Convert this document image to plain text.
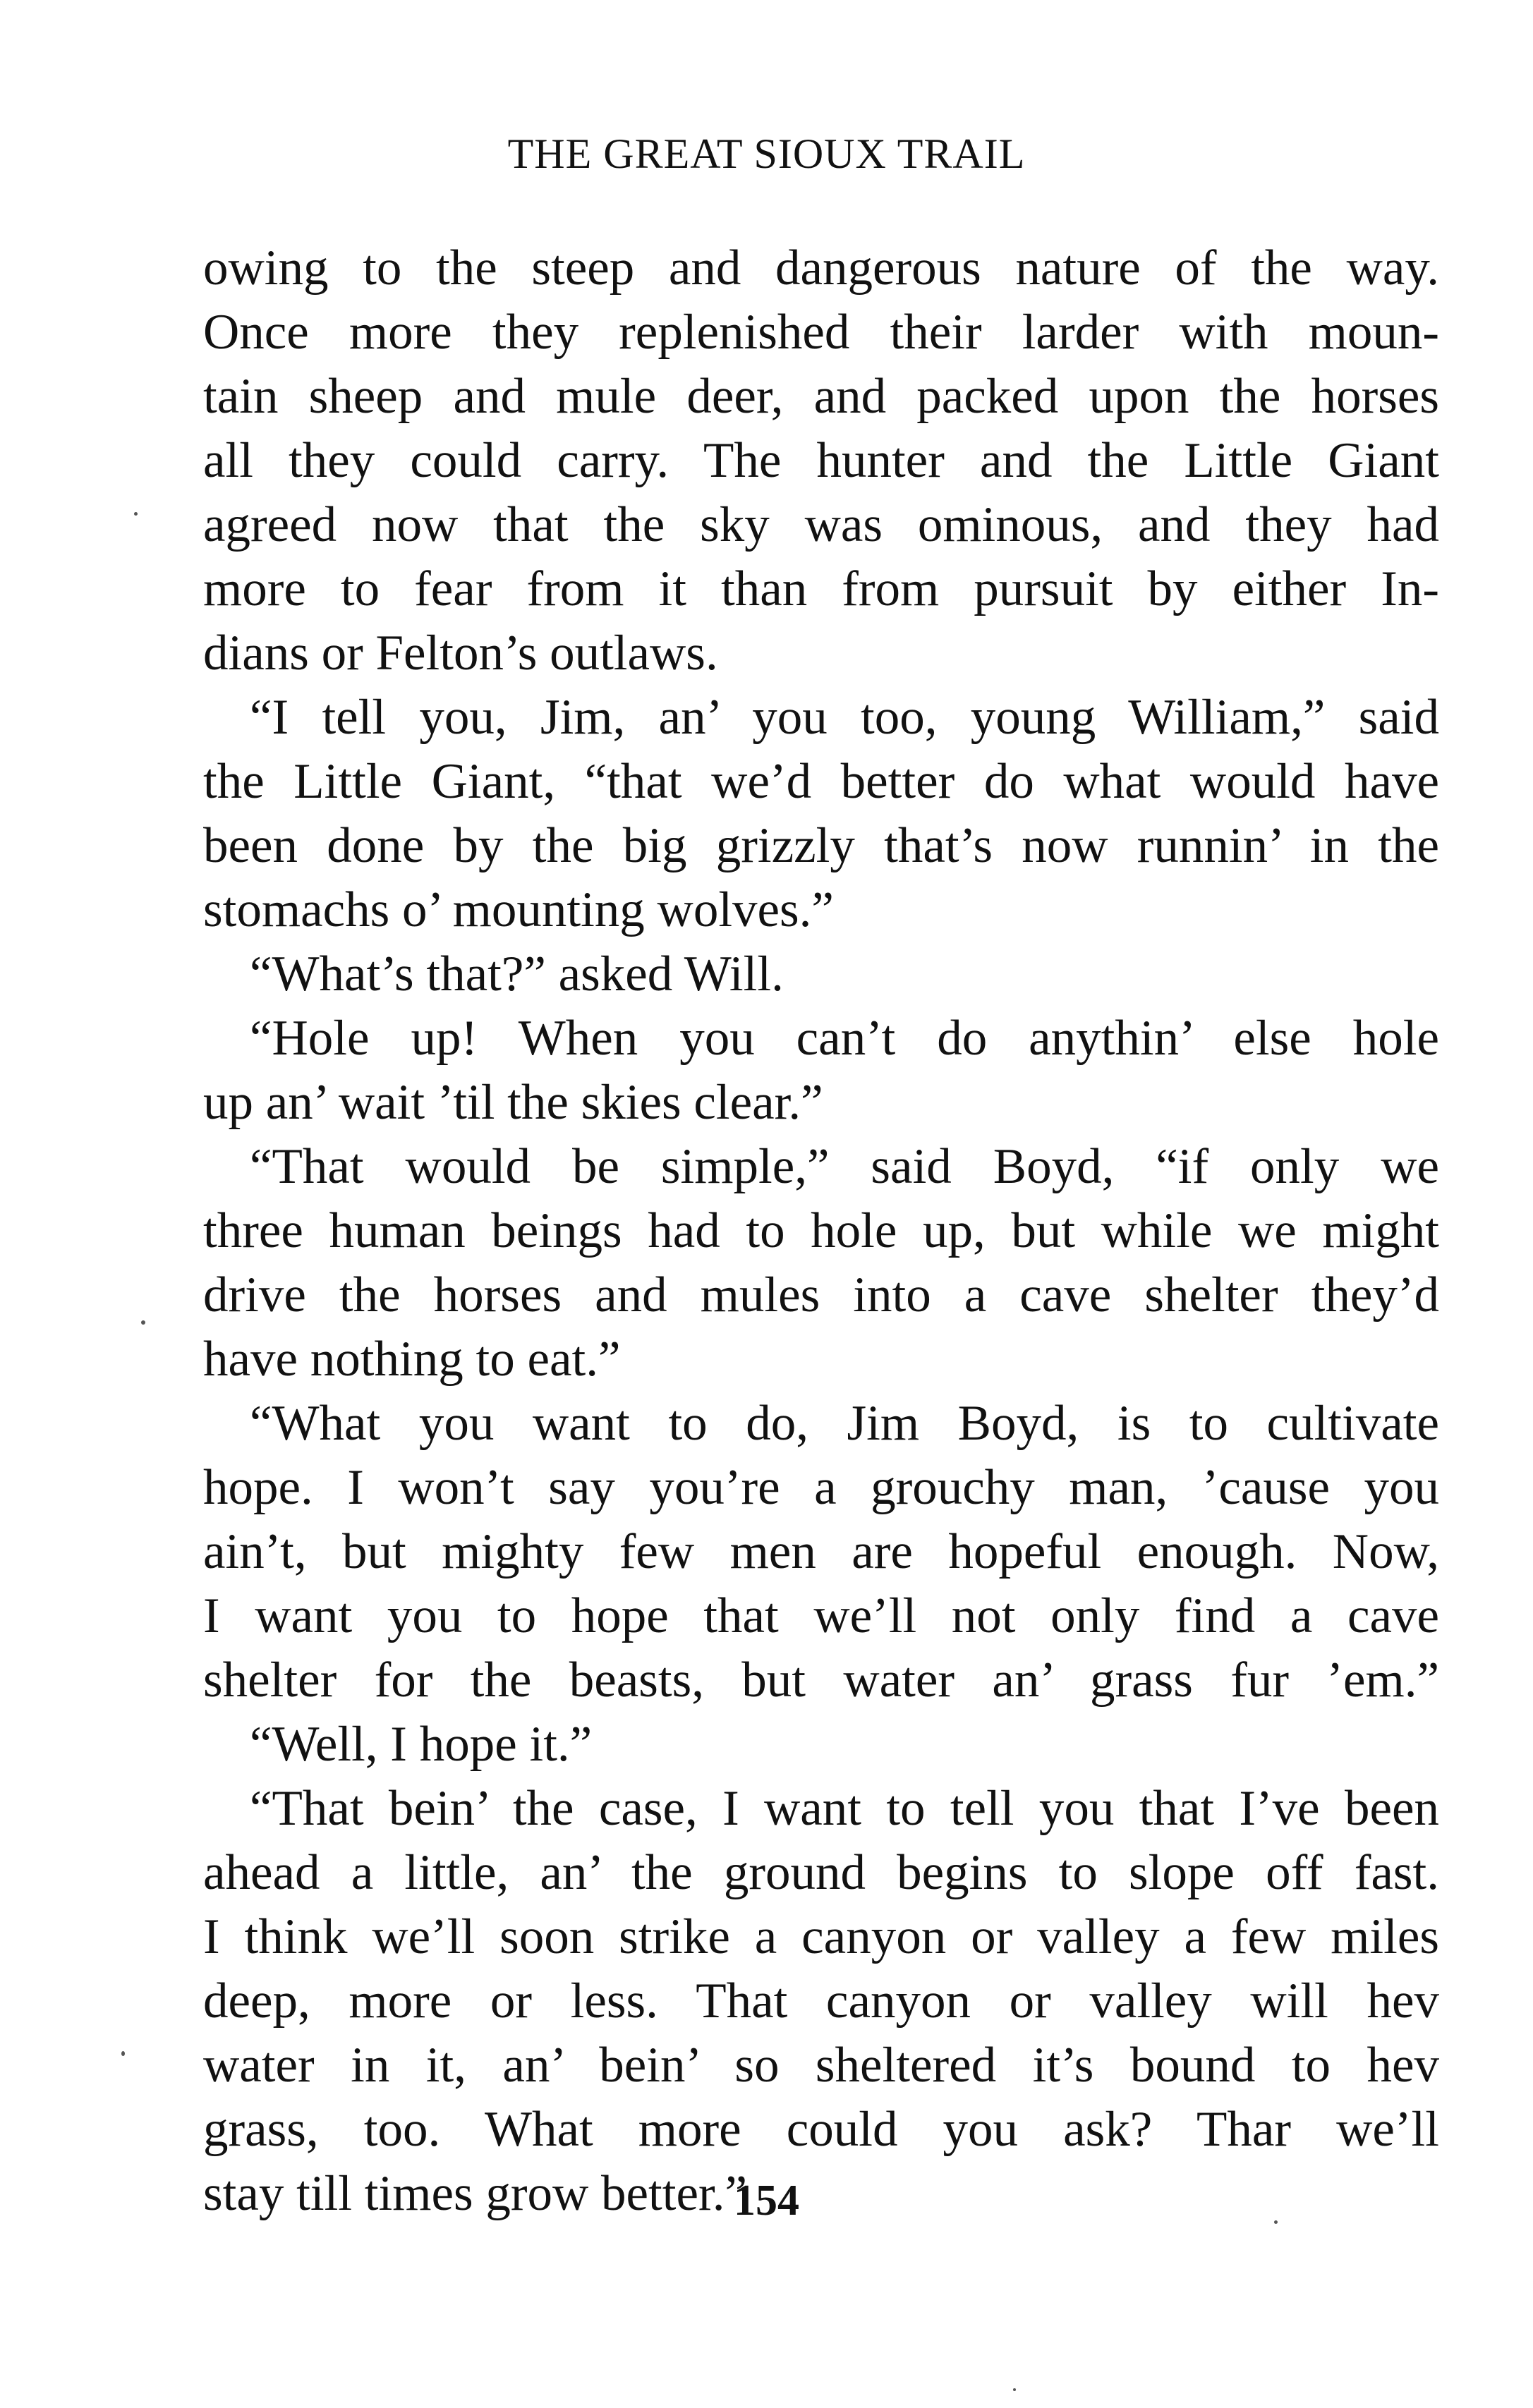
THE GREAT SIOUX TRAIL
owing to the steep and dangerous nature of the way.
Once more they replenished their larder with moun-
tain sheep and mule deer, and packed upon the horses
all they could carry. The hunter and the Little Giant
agreed now that the sky was ominous, and they had
more to fear from it than from pursuit by either In-
dians or Felton’s outlaws.
“I tell you, Jim, an’ you too, young William,” said
the Little Giant, “that we’d better do what would have
been done by the big grizzly that’s now runnin’ in the
stomachs o’ mounting wolves.”
“What’s that?” asked Will.
“Hole up! When you can’t do anythin’ else hole
up an’ wait ’til the skies clear.”
“That would be simple,” said Boyd, “if only we
three human beings had to hole up, but while we might
drive the horses and mules into a cave shelter they’d
have nothing to eat.”
“What you want to do, Jim Boyd, is to cultivate
hope. I won’t say you’re a grouchy man, ’cause you
ain’t, but mighty few men are hopeful enough. Now,
I want you to hope that we’ll not only find a cave
shelter for the beasts, but water an’ grass fur ’em.”
“Well, I hope it.”
“That bein’ the case, I want to tell you that I’ve been
ahead a little, an’ the ground begins to slope off fast.
I think we’ll soon strike a canyon or valley a few miles
deep, more or less. That canyon or valley will hev
water in it, an’ bein’ so sheltered it’s bound to hev
grass, too. What more could you ask? Thar we’ll
stay till times grow better.”
154
